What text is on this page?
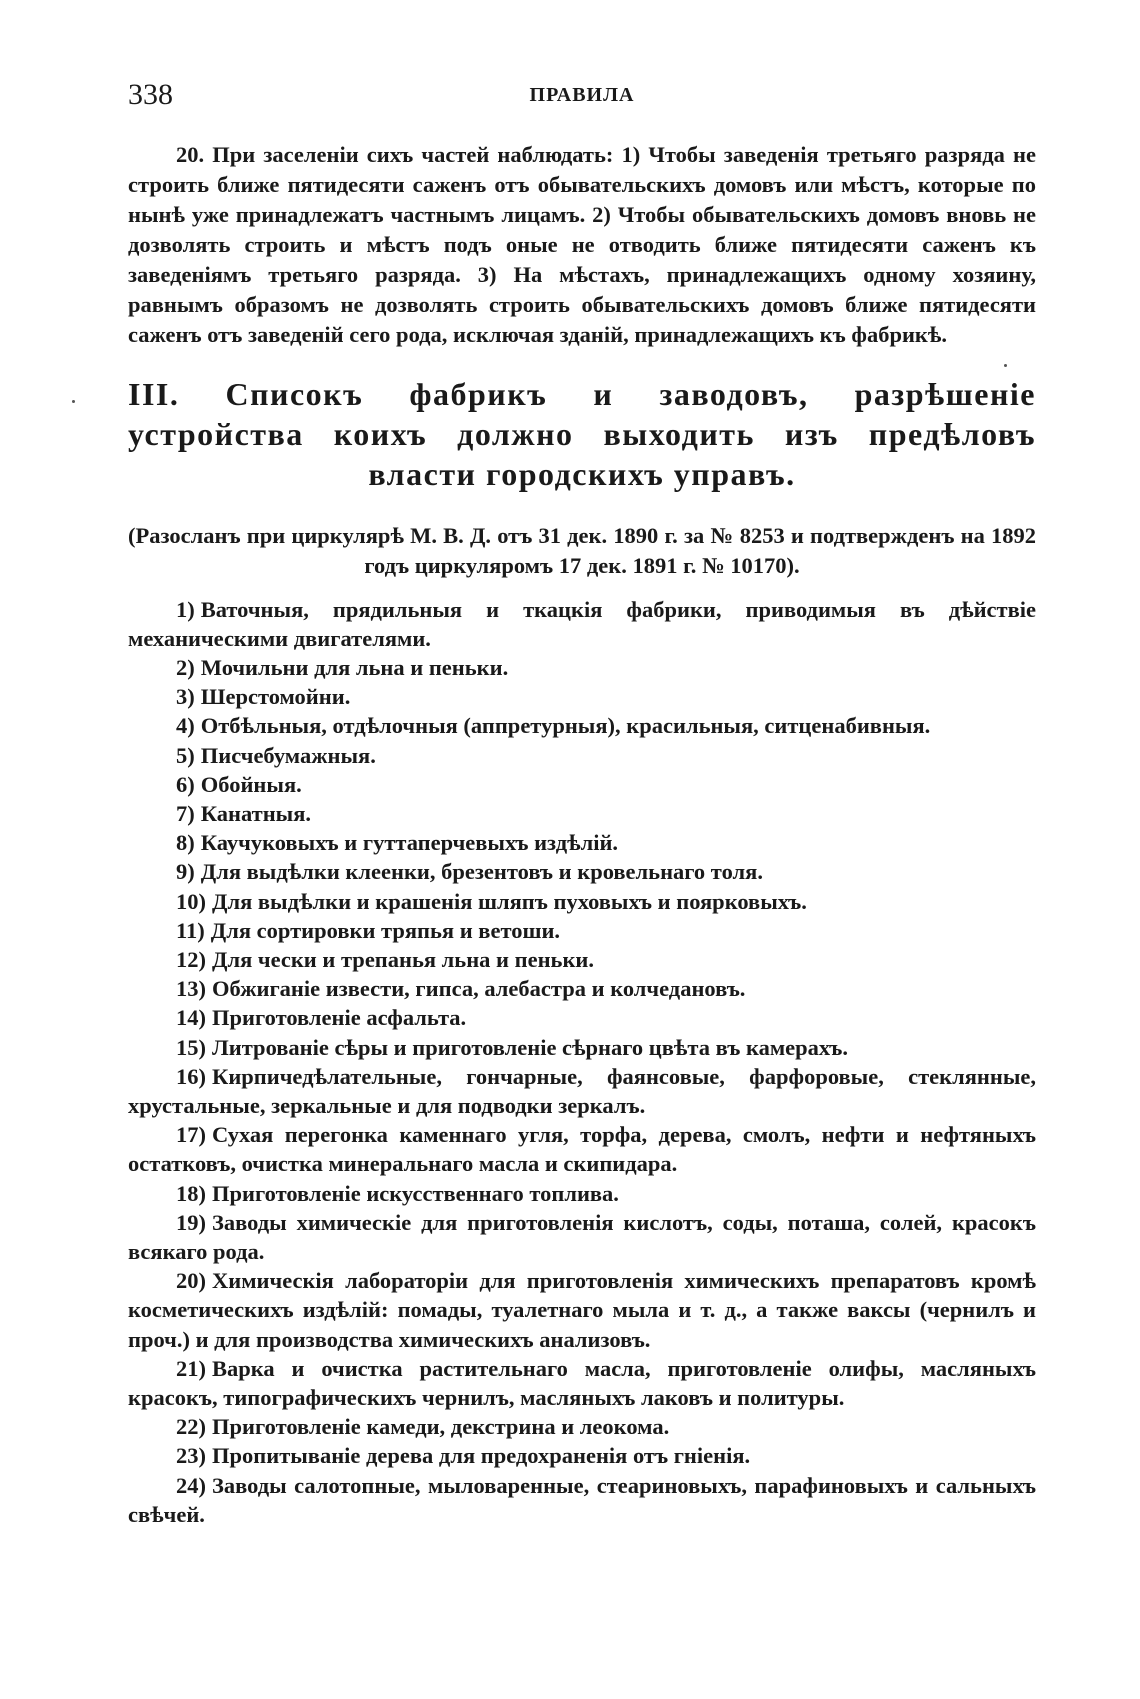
338	ПРАВИЛА

20. При заселеніи сихъ частей наблюдать: 1) Чтобы заведенія третьяго разряда не строить ближе пятидесяти саженъ отъ обывательскихъ домовъ или мѣстъ, которые по нынѣ уже принадлежатъ частнымъ лицамъ. 2) Чтобы обывательскихъ домовъ вновь не дозволять строить и мѣстъ подъ оные не отводить ближе пятидесяти саженъ къ заведеніямъ третьяго разряда. 3) На мѣстахъ, принадлежащихъ одному хозяину, равнымъ образомъ не дозволять строить обывательскихъ домовъ ближе пятидесяти саженъ отъ заведеній сего рода, исключая зданій, принадлежащихъ къ фабрикѣ.

III. Списокъ фабрикъ и заводовъ, разрѣшеніе устройства коихъ должно выходить изъ предѣловъ власти городскихъ управъ.

(Разосланъ при циркулярѣ М. В. Д. отъ 31 дек. 1890 г. за № 8253 и подтвержденъ на 1892 годъ циркуляромъ 17 дек. 1891 г. № 10170).

1) Ваточныя, прядильныя и ткацкія фабрики, приводимыя въ дѣйствіе механическими двигателями.
2) Мочильни для льна и пеньки.
3) Шерстомойни.
4) Отбѣльныя, отдѣлочныя (аппретурныя), красильныя, ситценабивныя.
5) Писчебумажныя.
6) Обойныя.
7) Канатныя.
8) Каучуковыхъ и гуттаперчевыхъ издѣлій.
9) Для выдѣлки клеенки, брезентовъ и кровельнаго толя.
10) Для выдѣлки и крашенія шляпъ пуховыхъ и поярковыхъ.
11) Для сортировки тряпья и ветоши.
12) Для чески и трепанья льна и пеньки.
13) Обжиганіе извести, гипса, алебастра и колчедановъ.
14) Приготовленіе асфальта.
15) Литрованіе сѣры и приготовленіе сѣрнаго цвѣта въ камерахъ.
16) Кирпичедѣлательные, гончарные, фаянсовые, фарфоровые, стеклянные, хрустальные, зеркальные и для подводки зеркалъ.
17) Сухая перегонка каменнаго угля, торфа, дерева, смолъ, нефти и нефтяныхъ остатковъ, очистка минеральнаго масла и скипидара.
18) Приготовленіе искусственнаго топлива.
19) Заводы химическіе для приготовленія кислотъ, соды, поташа, солей, красокъ всякаго рода.
20) Химическія лабораторіи для приготовленія химическихъ препаратовъ кромѣ косметическихъ издѣлій: помады, туалетнаго мыла и т. д., а также ваксы (чернилъ и проч.) и для производства химическихъ анализовъ.
21) Варка и очистка растительнаго масла, приготовленіе олифы, масляныхъ красокъ, типографическихъ чернилъ, масляныхъ лаковъ и политуры.
22) Приготовленіе камеди, декстрина и леокома.
23) Пропитываніе дерева для предохраненія отъ гніенія.
24) Заводы салотопные, мыловаренные, стеариновыхъ, парафиновыхъ и сальныхъ свѣчей.
